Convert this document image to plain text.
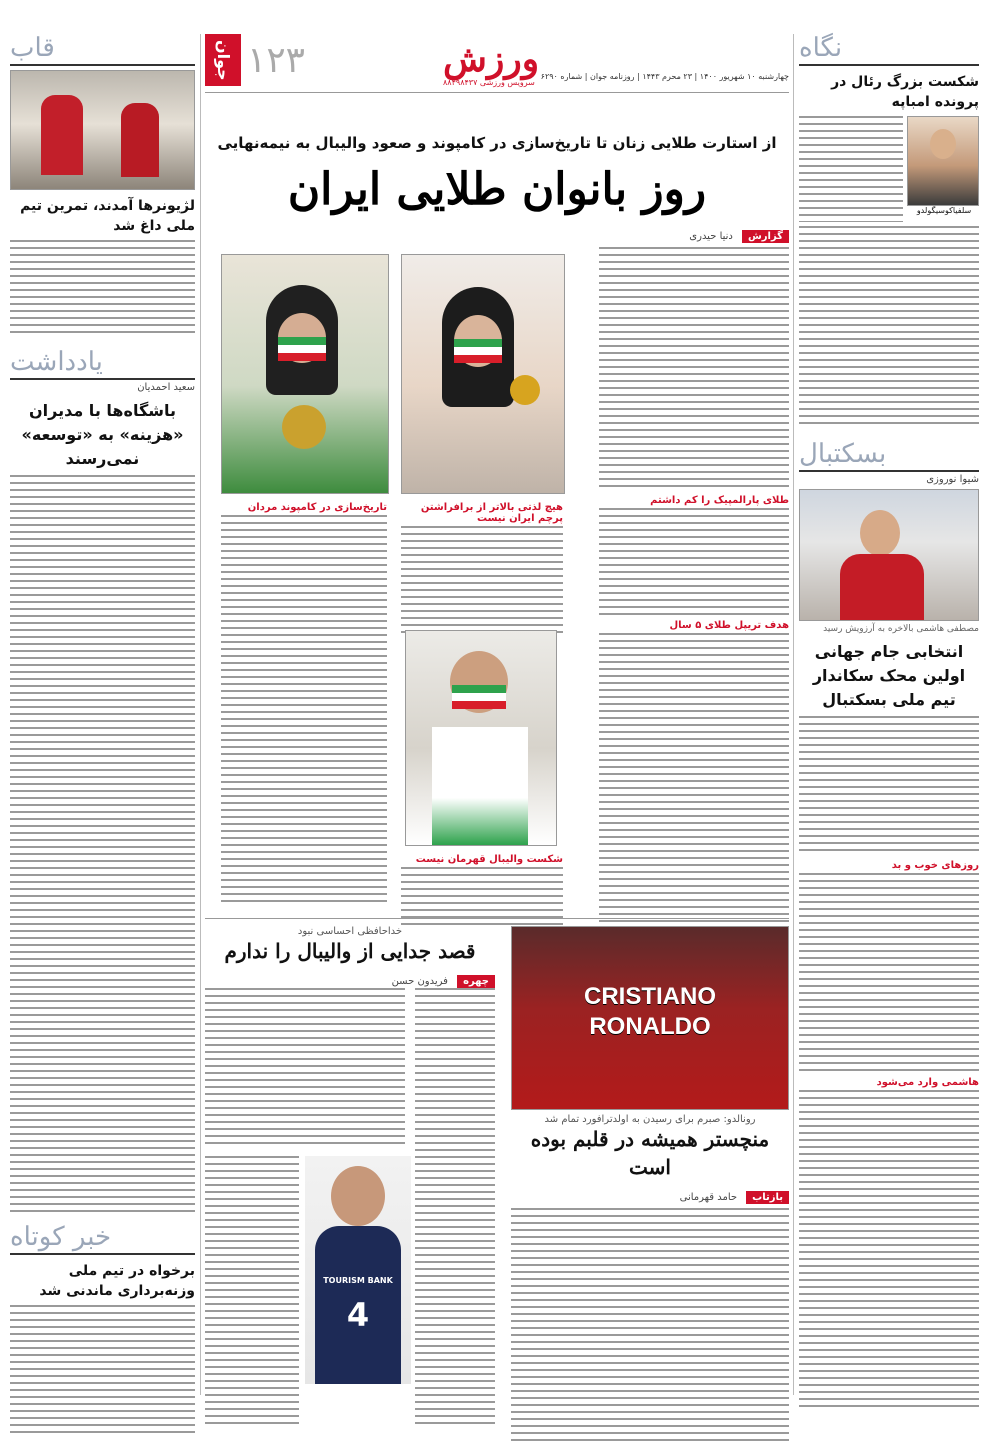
نگاه
شکست بزرگ رئال در پرونده امباپه
سلفیاکوسیگولدو
بسکتبال
شیوا نوروزی
مصطفی هاشمی بالاخره به آرزویش رسید
انتخابی جام جهانی اولین محک سکاندار تیم ملی بسکتبال
روزهای خوب و بد
هاشمی وارد می‌شود
قاب
لژیونرها آمدند، تمرین تیم ملی داغ شد
یادداشت
سعید احمدیان
باشگاه‌ها با مدیران «هزینه» به «توسعه» نمی‌رسند
خبر کوتاه
برخواه در تیم ملی وزنه‌برداری ماندنی شد
جوان ۱۲۳	ورزش چهارشنبه ۱۰ شهریور ۱۴۰۰ | ۲۳ محرم ۱۴۴۳ | روزنامه جوان | شماره ۶۲۹۰
سرویس ورزشی ۸۸۴۹۸۴۳۷
از استارت طلایی زنان تا تاریخ‌سازی در کامپوند و صعود والیبال به نیمه‌نهایی
روز بانوان طلایی ایران
گزارش دنیا حیدری
طلای پارالمپیک را کم داشتم
هدف تریپل طلای ۵ سال
هیچ لذتی بالاتر از برافراشتن پرچم ایران نیست
تاریخ‌سازی در کامپوند مردان
شکست والیبال قهرمان نیست
خداحافظی احساسی نبود
قصد جدایی از والیبال را ندارم
چهره فریدون حسن
TOURISM BANK
4
CRISTIANO
RONALDO
رونالدو: صبرم برای رسیدن به اولدترافورد تمام شد
منچستر همیشه در قلبم بوده است
بازتاب حامد قهرمانی
